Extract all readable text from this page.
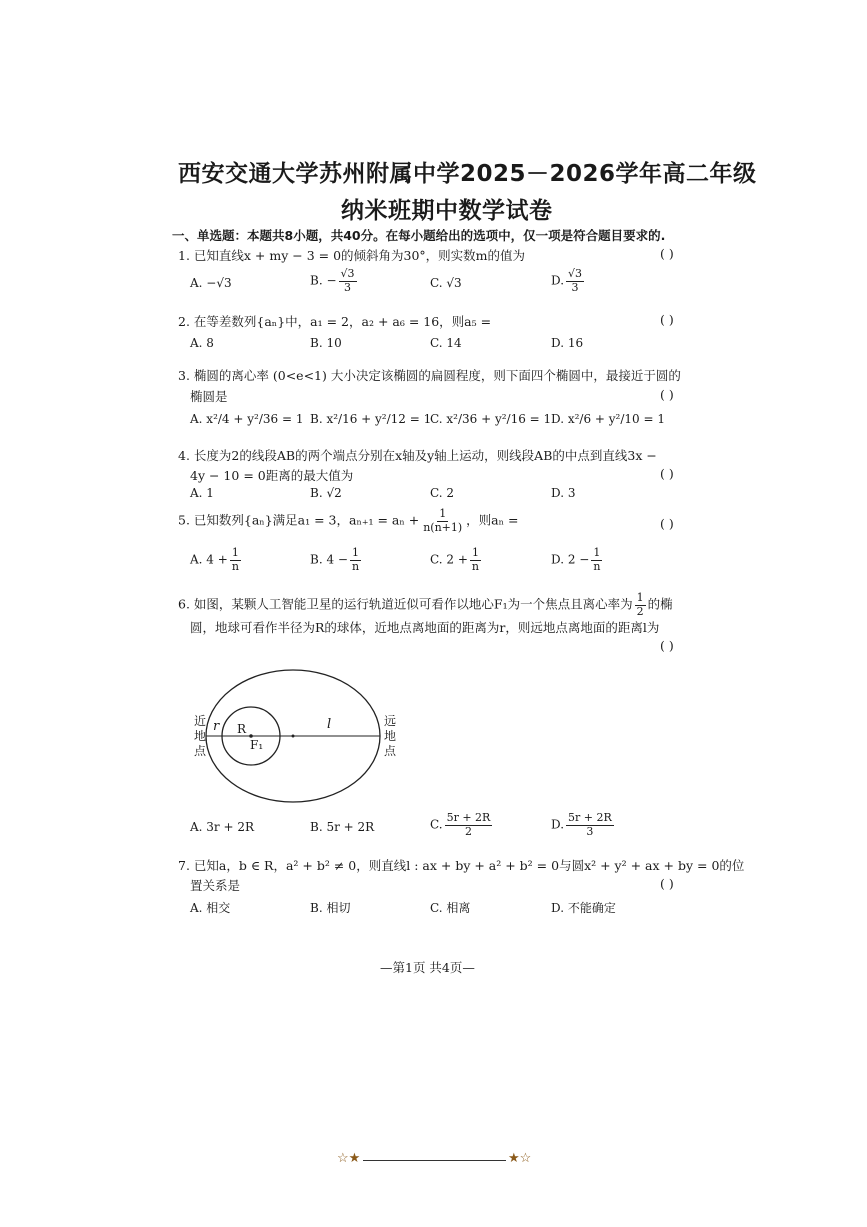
西安交通大学苏州附属中学2025－2026学年高二年级
纳米班期中数学试卷
一、单选题：本题共8小题，共40分。在每小题给出的选项中，仅一项是符合题目要求的.
1. 已知直线x + my − 3 = 0的倾斜角为30°，则实数m的值为	( )
A. −√3	B. − $\frac{√3}{3}$	C. √3	D. $\frac{√3}{3}$
2. 在等差数列{aₙ}中，a₁ = 2，a₂ + a₆ = 16，则a₅ =	( )
A. 8	B. 10	C. 14	D. 16
3. 椭圆的离心率 (0<e<1) 大小决定该椭圆的扁圆程度，则下面四个椭圆中，最接近于圆的
椭圆是	( )
A. x²/4 + y²/36 = 1 B. x²/16 + y²/12 = 1
C. x²/36 + y²/16 = 1 D. x²/6 + y²/10 = 1
4. 长度为2的线段AB的两个端点分别在x轴及y轴上运动，则线段AB的中点到直线3x −
4y − 10 = 0距离的最大值为	( )
A. 1	B. √2	C. 2	D. 3
5. 已知数列{aₙ}满足a₁ = 3，$a_{n+1} = a_n + \frac{1}{n(n+1)}$ ，则aₙ =	( )
A. $4 + \frac{1}{n}$	B. $4 - \frac{1}{n}$	C. $2 + \frac{1}{n}$	D. $2 - \frac{1}{n}$
6. 如图，某颗人工智能卫星的运行轨道近似可看作以地心F₁为一个焦点且离心率为 $\frac{1}{2}$ 的椭
圆，地球可看作半径为R的球体，近地点离地面的距离为r，则远地点离地面的距离l为
( )
近地点
远地点
r R
F₁
l
A. 3r + 2R	B. 5r + 2R	C. $\frac{5r + 2R}{2}$	D. $\frac{5r + 2R}{3}$
7. 已知a，b ∈ R，a² + b² ≠ 0，则直线l : ax + by + a² + b² = 0与圆x² + y² + ax + by = 0的位
置关系是	( )
A. 相交	B. 相切	C. 相离	D. 不能确定
—第1页 共4页—
☆★	★☆
